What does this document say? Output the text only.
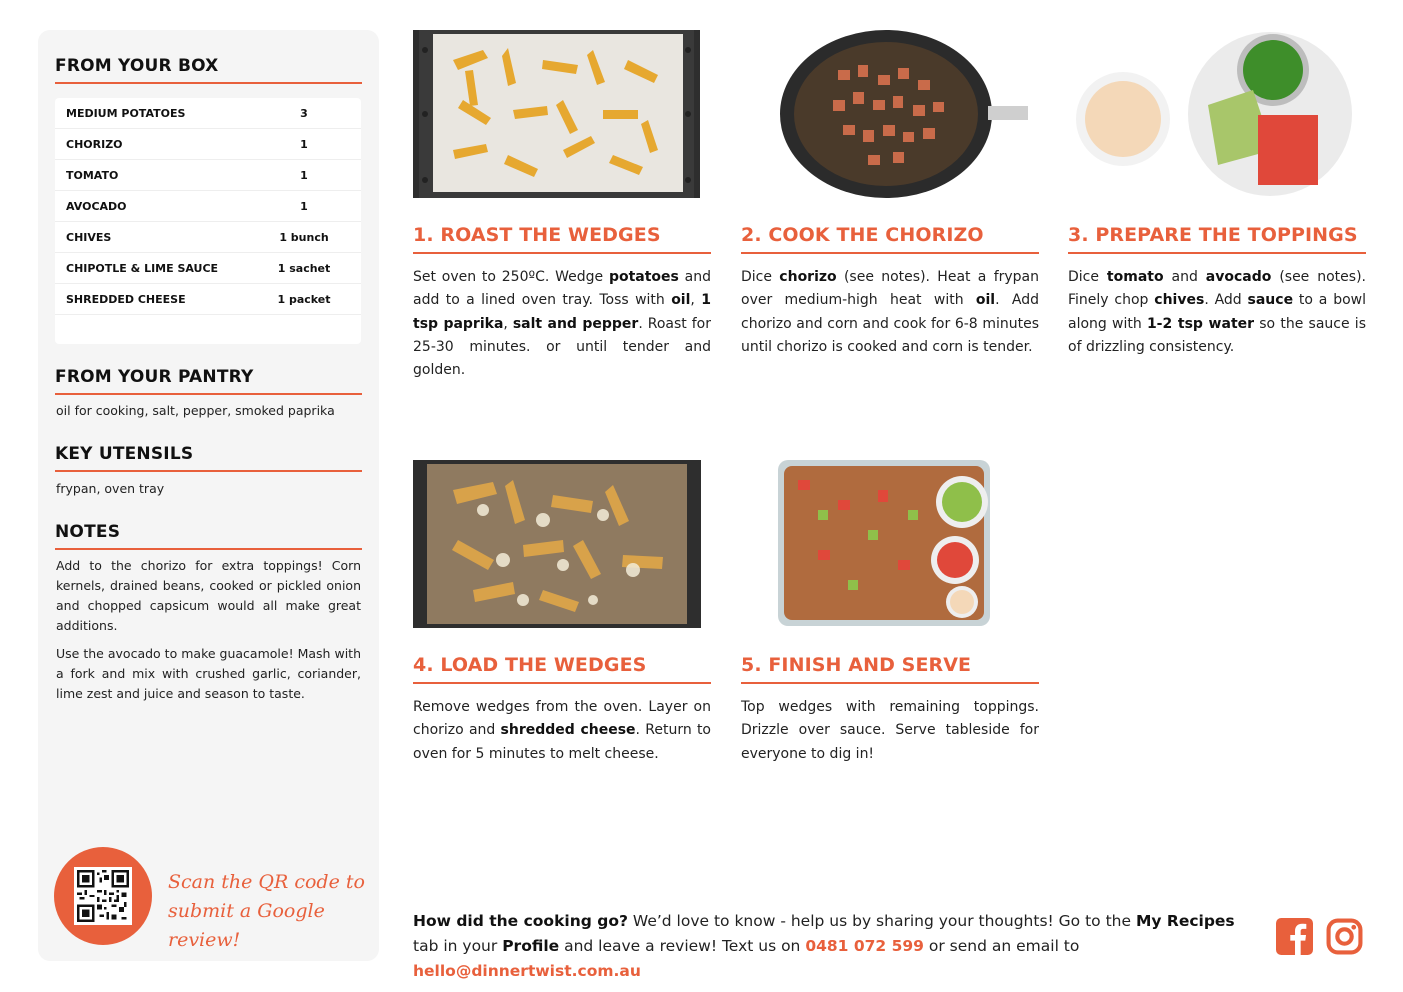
FROM YOUR BOX
MEDIUM POTATOES	3
CHORIZO	1
TOMATO	1
AVOCADO	1
CHIVES	1 bunch
CHIPOTLE & LIME SAUCE	1 sachet
SHREDDED CHEESE	1 packet
FROM YOUR PANTRY
oil for cooking, salt, pepper, smoked paprika
KEY UTENSILS
frypan, oven tray
NOTES
Add to the chorizo for extra toppings! Corn kernels, drained beans, cooked or pickled onion and chopped capsicum would all make great additions.
Use the avocado to make guacamole! Mash with a fork and mix with crushed garlic, coriander, lime zest and juice and season to taste.
Scan the QR code to
submit a Google review!
1. ROAST THE WEDGES
Set oven to 250ºC. Wedge potatoes and add to a lined oven tray. Toss with oil, 1 tsp paprika, salt and pepper. Roast for 25-30 minutes. or until tender and golden.
2. COOK THE CHORIZO
Dice chorizo (see notes). Heat a frypan over medium-high heat with oil. Add chorizo and corn and cook for 6-8 minutes until chorizo is cooked and corn is tender.
3. PREPARE THE TOPPINGS
Dice tomato and avocado (see notes). Finely chop chives. Add sauce to a bowl along with 1-2 tsp water so the sauce is of drizzling consistency.
4. LOAD THE WEDGES
Remove wedges from the oven. Layer on chorizo and shredded cheese. Return to oven for 5 minutes to melt cheese.
5. FINISH AND SERVE
Top wedges with remaining toppings. Drizzle over sauce. Serve tableside for everyone to dig in!
How did the cooking go? We’d love to know - help us by sharing your thoughts! Go to the My Recipes tab in your Profile and leave a review! Text us on 0481 072 599 or send an email to hello@dinnertwist.com.au
